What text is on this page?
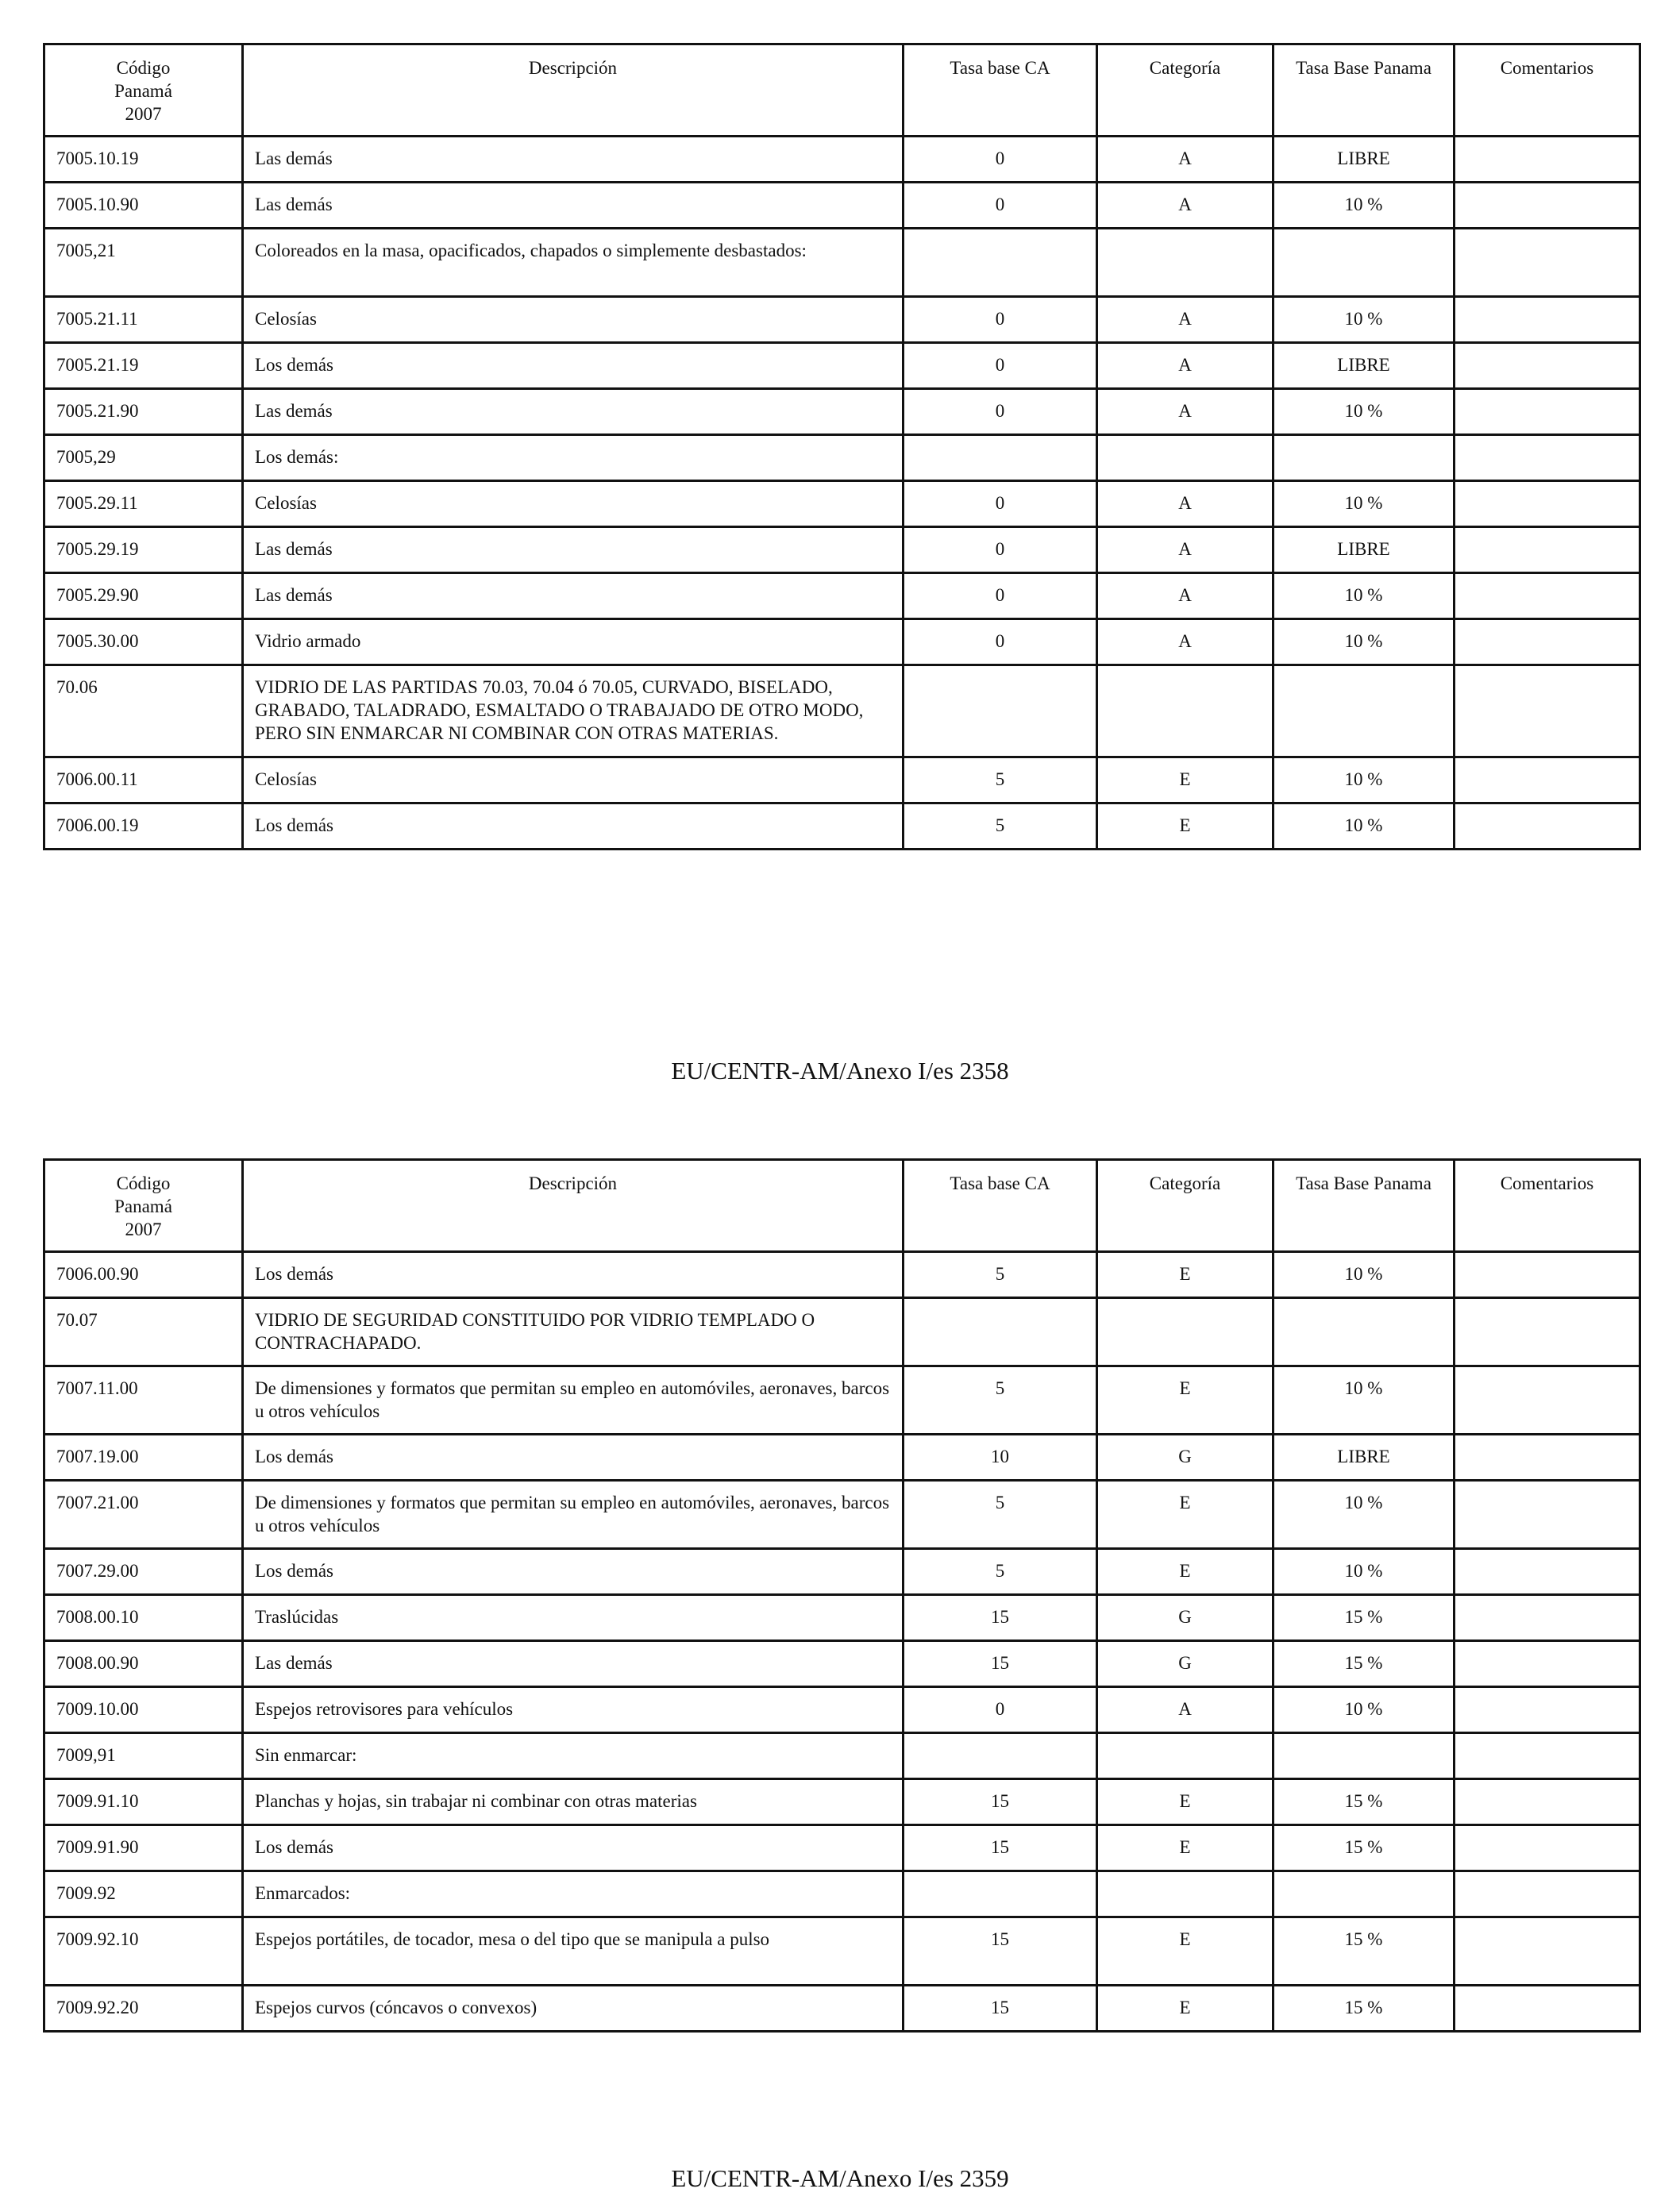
Código
Panamá
2007	Descripción	Tasa base CA	Categoría	Tasa Base Panama	Comentarios
7005.10.19	Las demás	0	A	LIBRE	
7005.10.90	Las demás	0	A	10 %	
7005,21	Coloreados en la masa, opacificados, chapados o simplemente desbastados:				
7005.21.11	Celosías	0	A	10 %	
7005.21.19	Los demás	0	A	LIBRE	
7005.21.90	Las demás	0	A	10 %	
7005,29	Los demás:				
7005.29.11	Celosías	0	A	10 %	
7005.29.19	Las demás	0	A	LIBRE	
7005.29.90	Las demás	0	A	10 %	
7005.30.00	Vidrio armado	0	A	10 %	
70.06	VIDRIO DE LAS PARTIDAS 70.03, 70.04 ó 70.05, CURVADO, BISELADO, GRABADO, TALADRADO, ESMALTADO O TRABAJADO DE OTRO MODO, PERO SIN ENMARCAR NI COMBINAR CON OTRAS MATERIAS.				
7006.00.11	Celosías	5	E	10 %	
7006.00.19	Los demás	5	E	10 %	
EU/CENTR-AM/Anexo I/es 2358
Código
Panamá
2007	Descripción	Tasa base CA	Categoría	Tasa Base Panama	Comentarios
7006.00.90	Los demás	5	E	10 %	
70.07	VIDRIO DE SEGURIDAD CONSTITUIDO POR VIDRIO TEMPLADO O CONTRACHAPADO.				
7007.11.00	De dimensiones y formatos que permitan su empleo en automóviles, aeronaves, barcos u otros vehículos	5	E	10 %	
7007.19.00	Los demás	10	G	LIBRE	
7007.21.00	De dimensiones y formatos que permitan su empleo en automóviles, aeronaves, barcos u otros vehículos	5	E	10 %	
7007.29.00	Los demás	5	E	10 %	
7008.00.10	Traslúcidas	15	G	15 %	
7008.00.90	Las demás	15	G	15 %	
7009.10.00	Espejos retrovisores para vehículos	0	A	10 %	
7009,91	Sin enmarcar:				
7009.91.10	Planchas y hojas, sin trabajar ni combinar con otras materias	15	E	15 %	
7009.91.90	Los demás	15	E	15 %	
7009.92	Enmarcados:				
7009.92.10	Espejos portátiles, de tocador, mesa o del tipo que se manipula a pulso	15	E	15 %	
7009.92.20	Espejos curvos (cóncavos o convexos)	15	E	15 %	
EU/CENTR-AM/Anexo I/es 2359
